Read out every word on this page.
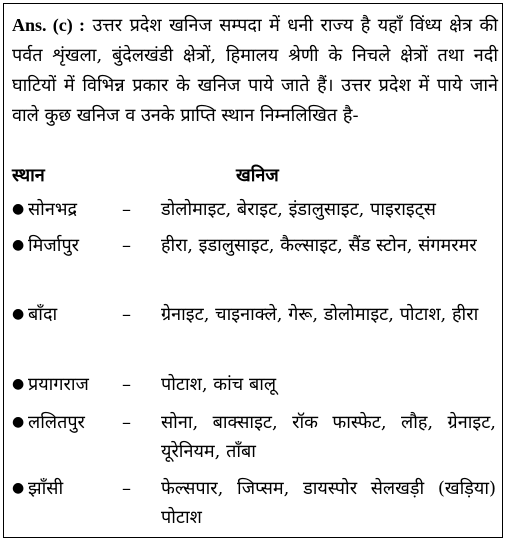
Ans. (c) : उत्तर प्रदेश खनिज सम्पदा में धनी राज्य है यहाँ विंध्य क्षेत्र की पर्वत शृंखला, बुंदेलखंडी क्षेत्रों, हिमालय श्रेणी के निचले क्षेत्रों तथा नदी घाटियों में विभिन्न प्रकार के खनिज पाये जाते हैं। उत्तर प्रदेश में पाये जाने वाले कुछ खनिज व उनके प्राप्ति स्थान निम्नलिखित है-
स्थान	खनिज
● सोनभद्र – डोलोमाइट, बेराइट, इंडालुसाइट, पाइराइट्स
● मिर्जापुर – हीरा, इडालुसाइट, कैल्साइट, सैंड स्टोन, संगमरमर
● बाँदा	– ग्रेनाइट, चाइनाक्ले, गेरू, डोलोमाइट, पोटाश, हीरा
● प्रयागराज – पोटाश, कांच बालू
● ललितपुर – सोना, बाक्साइट, रॉक फास्फेट, लौह, ग्रेनाइट, यूरेनियम, ताँबा
● झाँसी	– फेल्सपार, जिप्सम, डायस्पोर सेलखड़ी (खड़िया) पोटाश
